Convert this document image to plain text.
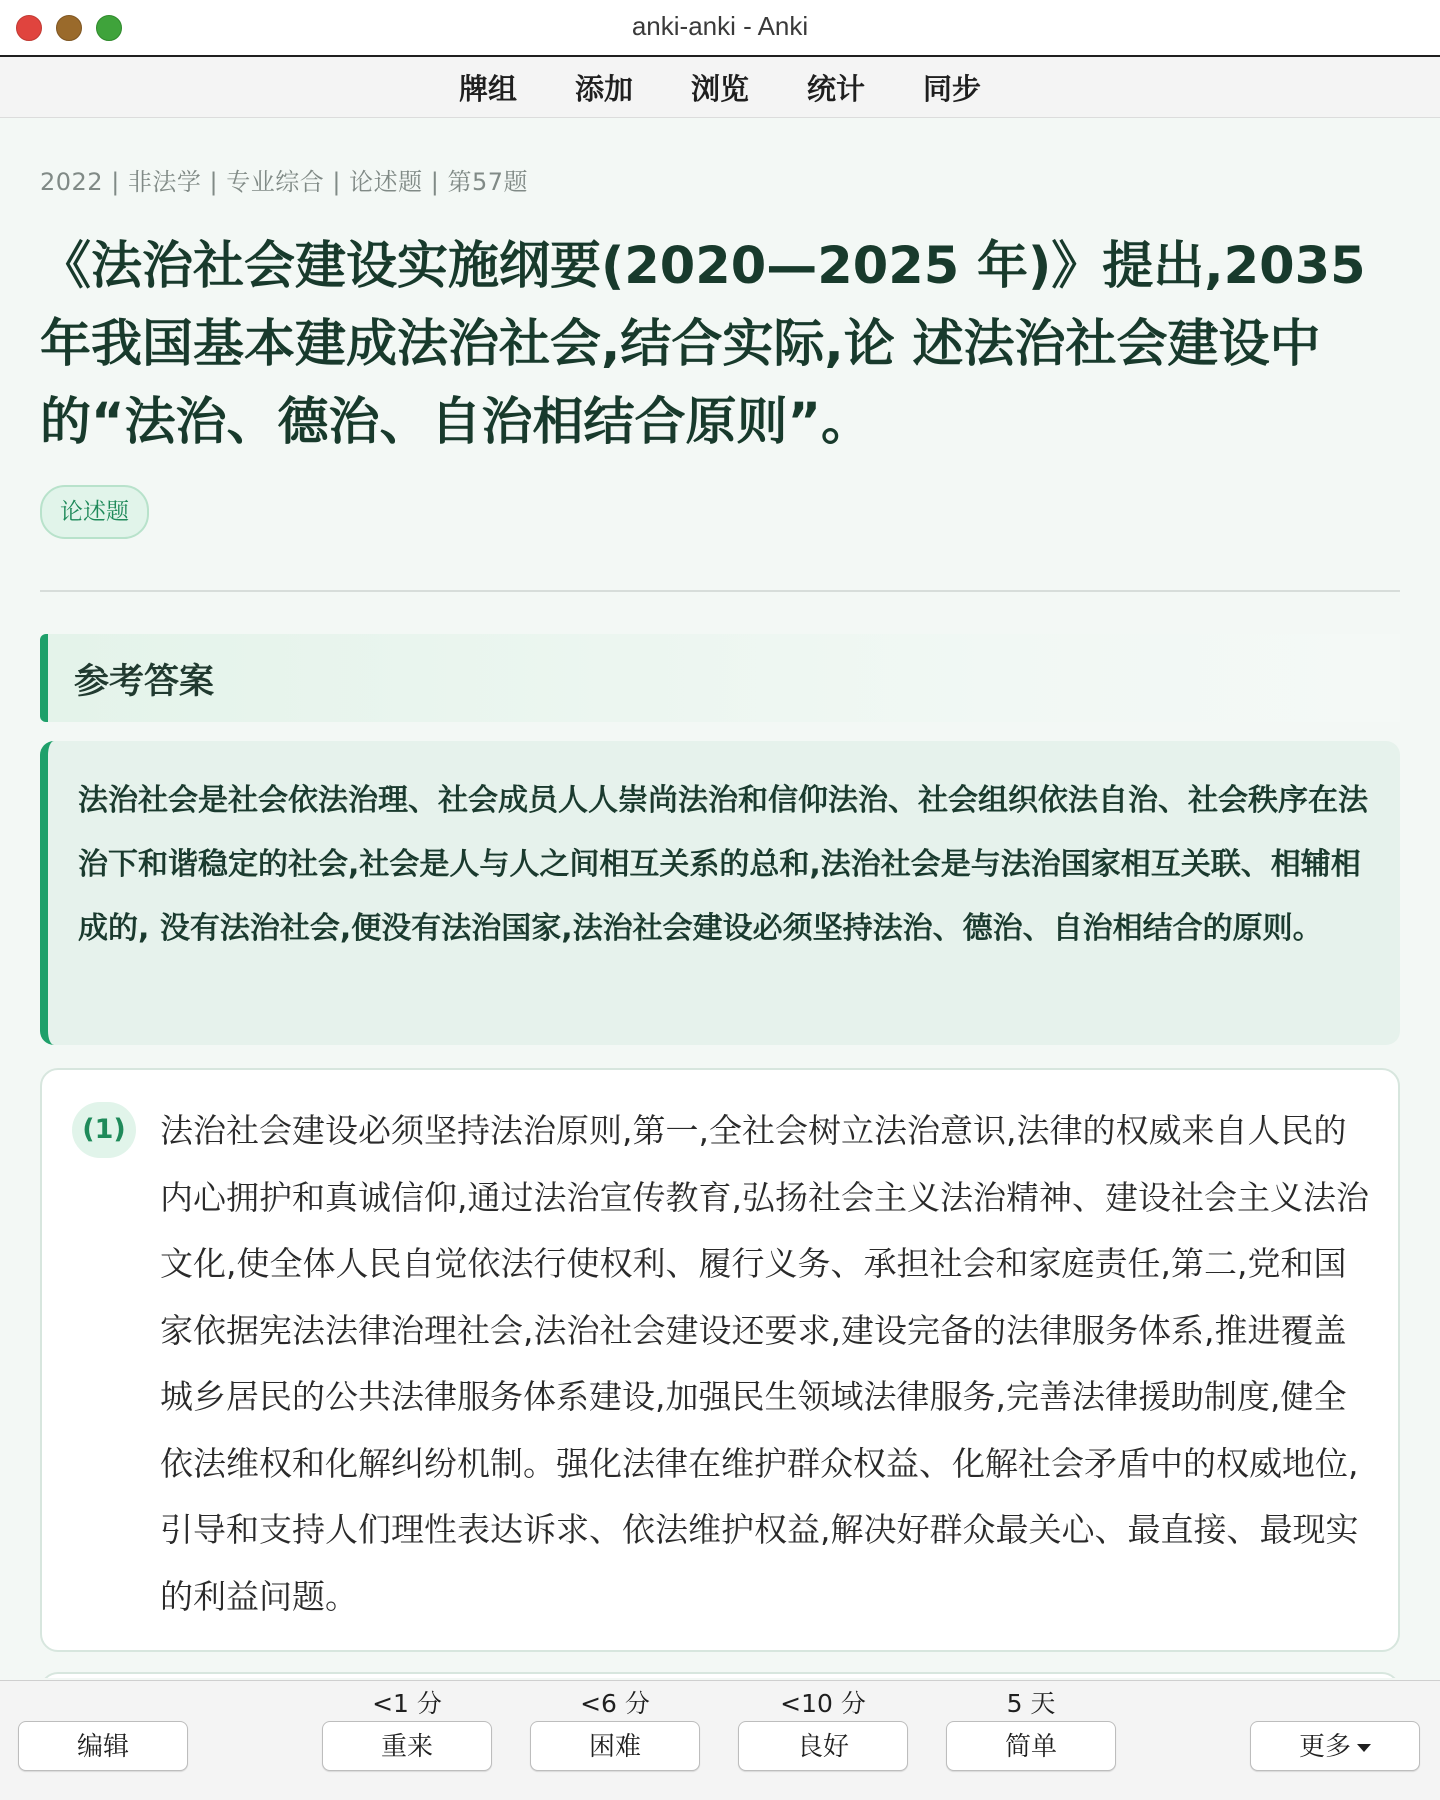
anki-anki - Anki
牌组 添加 浏览 统计 同步
2022 | 非法学 | 专业综合 | 论述题 | 第57题
《法治社会建设实施纲要(2020—2025 年)》提出,2035 年我国基本建成法治社会,结合实际,论 述法治社会建设中的“法治、德治、自治相结合原则”。
论述题
参考答案

法治社会是社会依法治理、社会成员人人崇尚法治和信仰法治、社会组织依法自治、社会秩序在法治下和谐稳定的社会,社会是人与人之间相互关系的总和,法治社会是与法治国家相互关联、相辅相成的, 没有法治社会,便没有法治国家,法治社会建设必须坚持法治、德治、自治相结合的原则。

(1)	法治社会建设必须坚持法治原则,第一,全社会树立法治意识,法律的权威来自人民的内心拥护和真诚信仰,通过法治宣传教育,弘扬社会主义法治精神、建设社会主义法治文化,使全体人民自觉依法行使权利、履行义务、承担社会和家庭责任,第二,党和国家依据宪法法律治理社会,法治社会建设还要求,建设完备的法律服务体系,推进覆盖城乡居民的公共法律服务体系建设,加强民生领域法律服务,完善法律援助制度,健全依法维权和化解纠纷机制。强化法律在维护群众权益、化解社会矛盾中的权威地位,引导和支持人们理性表达诉求、依法维护权益,解决好群众最关心、最直接、最现实的利益问题。

编辑
<1 分
重来
<6 分
困难
<10 分
良好
5 天
简单	更多
